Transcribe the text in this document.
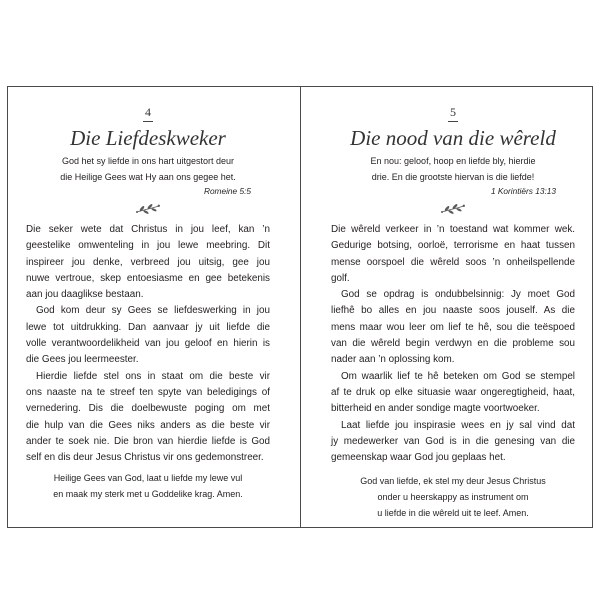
4
Die Liefdeskweker
God het sy liefde in ons hart uitgestort deur
die Heilige Gees wat Hy aan ons gegee het.
Romeine 5:5
Die seker wete dat Christus in jou leef, kan ’n
geestelike omwenteling in jou lewe meebring. Dit
inspireer jou denke, verbreed jou uitsig, gee jou
nuwe vertroue, skep entoesiasme en gee betekenis
aan jou daaglikse bestaan.
God kom deur sy Gees se liefdeswerking in jou
lewe tot uitdrukking. Dan aanvaar jy uit liefde die
volle verantwoordelikheid van jou geloof en hierin is
die Gees jou leermeester.
Hierdie liefde stel ons in staat om die beste vir
ons naaste na te streef ten spyte van beledigings of
vernedering. Dis die doelbewuste poging om met
die hulp van die Gees niks anders as die beste vir
ander te soek nie. Die bron van hierdie liefde is God
self en dis deur Jesus Christus vir ons gedemonstreer.
Heilige Gees van God, laat u liefde my lewe vul
en maak my sterk met u Goddelike krag. Amen.
5
Die nood van die wêreld
En nou: geloof, hoop en liefde bly, hierdie
drie. En die grootste hiervan is die liefde!
1 Korintiërs 13:13
Die wêreld verkeer in ’n toestand wat kommer wek.
Gedurige botsing, oorloë, terrorisme en haat tussen
mense oorspoel die wêreld soos ’n onheilspellende
golf.
God se opdrag is ondubbelsinnig: Jy moet God
liefhê bo alles en jou naaste soos jouself. As die
mens maar wou leer om lief te hê, sou die teëspoed
van die wêreld begin verdwyn en die probleme sou
nader aan ’n oplossing kom.
Om waarlik lief te hê beteken om God se stempel
af te druk op elke situasie waar ongeregtigheid, haat,
bitterheid en ander sondige magte voortwoeker.
Laat liefde jou inspirasie wees en jy sal vind dat
jy medewerker van God is in die genesing van die
gemeenskap waar God jou geplaas het.
God van liefde, ek stel my deur Jesus Christus
onder u heerskappy as instrument om
u liefde in die wêreld uit te leef. Amen.
